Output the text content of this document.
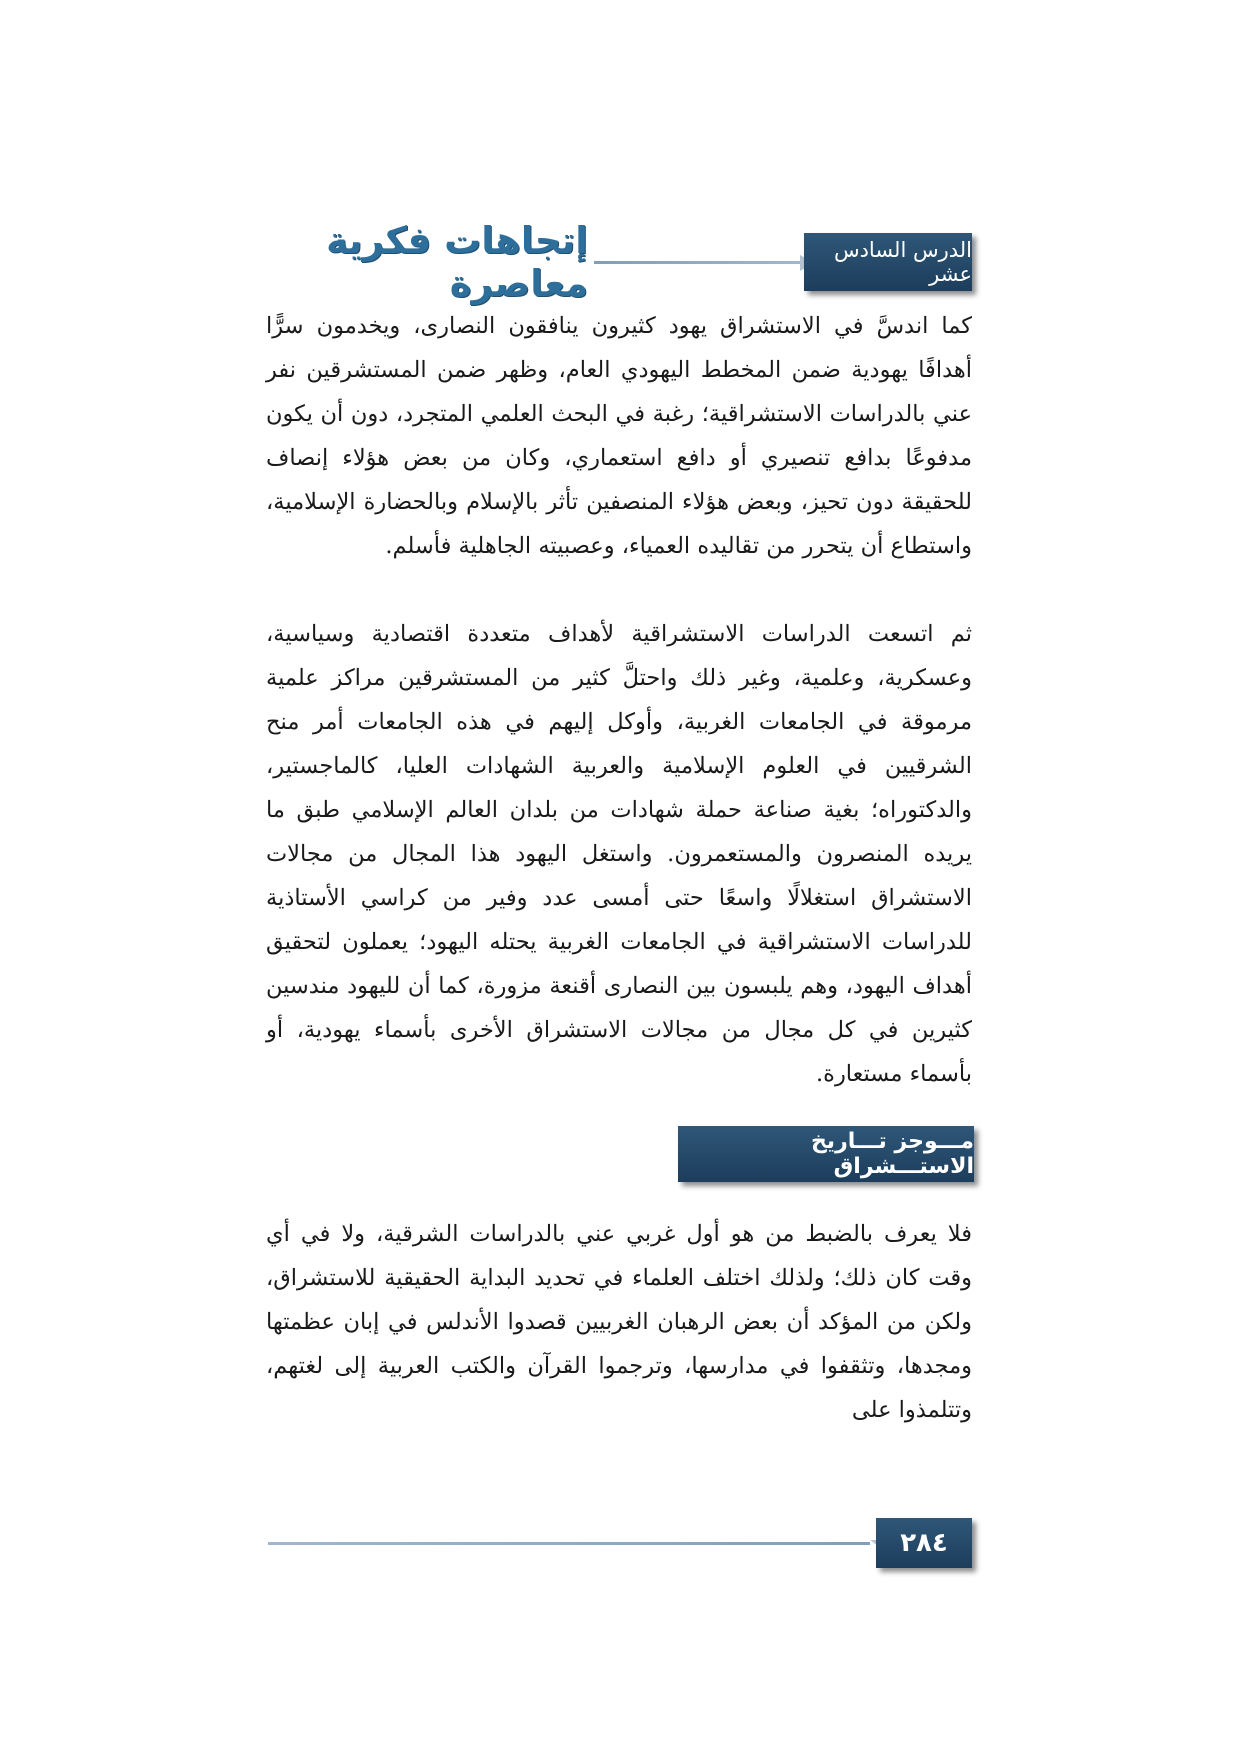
إتجاهات فكرية معاصرة
الدرس السادس عشر

كما اندسَّ في الاستشراق يهود كثيرون ينافقون النصارى، ويخدمون سرًّا أهدافًا يهودية ضمن المخطط اليهودي العام، وظهر ضمن المستشرقين نفر عني بالدراسات الاستشراقية؛ رغبة في البحث العلمي المتجرد، دون أن يكون مدفوعًا بدافع تنصيري أو دافع استعماري، وكان من بعض هؤلاء إنصاف للحقيقة دون تحيز، وبعض هؤلاء المنصفين تأثر بالإسلام وبالحضارة الإسلامية، واستطاع أن يتحرر من تقاليده العمياء، وعصبيته الجاهلية فأسلم.

ثم اتسعت الدراسات الاستشراقية لأهداف متعددة اقتصادية وسياسية، وعسكرية، وعلمية، وغير ذلك واحتلَّ كثير من المستشرقين مراكز علمية مرموقة في الجامعات الغربية، وأوكل إليهم في هذه الجامعات أمر منح الشرقيين في العلوم الإسلامية والعربية الشهادات العليا، كالماجستير، والدكتوراه؛ بغية صناعة حملة شهادات من بلدان العالم الإسلامي طبق ما يريده المنصرون والمستعمرون. واستغل اليهود هذا المجال من مجالات الاستشراق استغلالًا واسعًا حتى أمسى عدد وفير من كراسي الأستاذية للدراسات الاستشراقية في الجامعات الغربية يحتله اليهود؛ يعملون لتحقيق أهداف اليهود، وهم يلبسون بين النصارى أقنعة مزورة، كما أن لليهود مندسين كثيرين في كل مجال من مجالات الاستشراق الأخرى بأسماء يهودية، أو بأسماء مستعارة.

مـــوجز تـــاريخ الاستـــشراق

فلا يعرف بالضبط من هو أول غربي عني بالدراسات الشرقية، ولا في أي وقت كان ذلك؛ ولذلك اختلف العلماء في تحديد البداية الحقيقية للاستشراق، ولكن من المؤكد أن بعض الرهبان الغربيين قصدوا الأندلس في إبان عظمتها ومجدها، وتثقفوا في مدارسها، وترجموا القرآن والكتب العربية إلى لغتهم، وتتلمذوا على

٢٨٤
